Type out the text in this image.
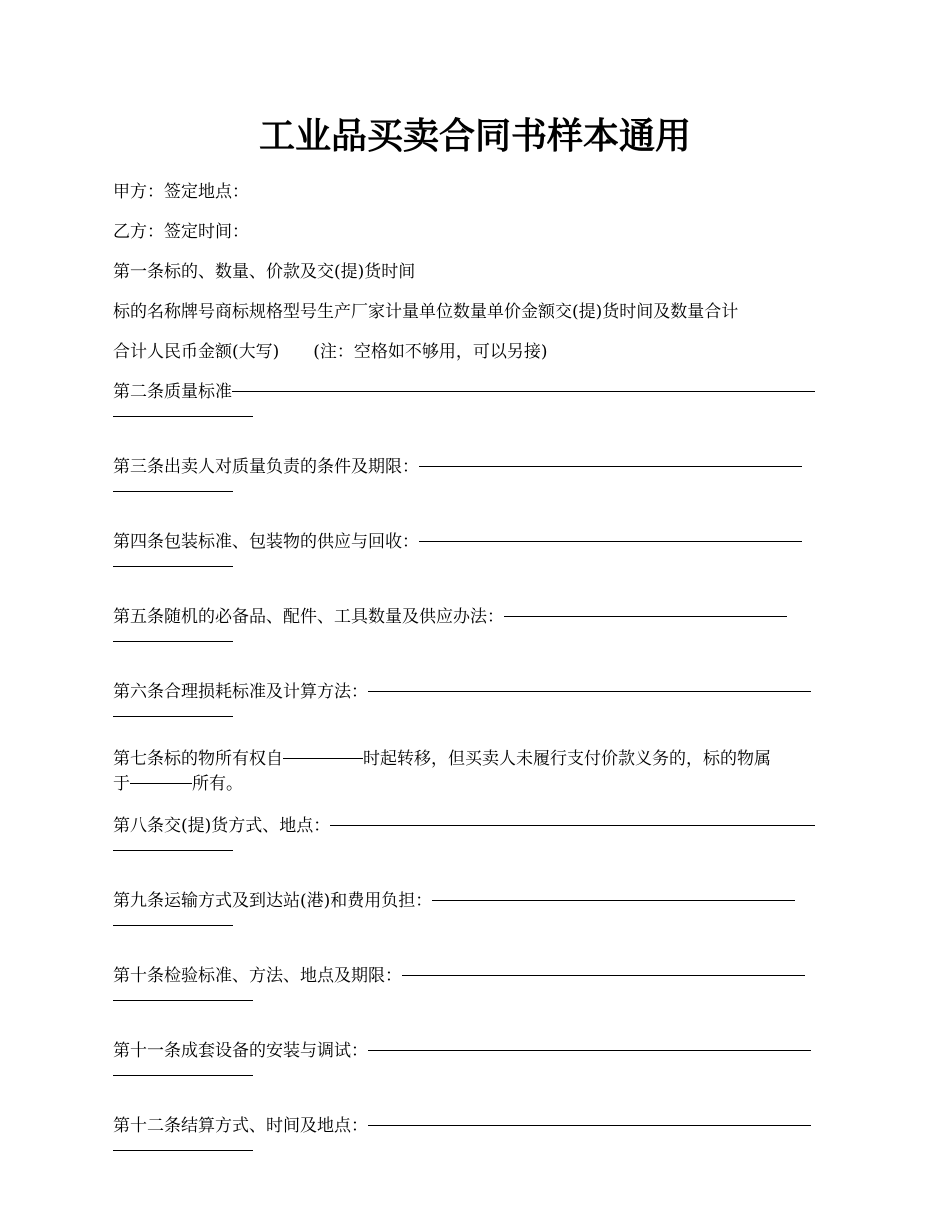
工业品买卖合同书样本通用

甲方：签定地点：

乙方：签定时间：

第一条标的、数量、价款及交(提)货时间

标的名称牌号商标规格型号生产厂家计量单位数量单价金额交(提)货时间及数量合计

合计人民币金额(大写)　　(注：空格如不够用，可以另接)

第二条质量标准
第三条出卖人对质量负责的条件及期限：
第四条包装标准、包装物的供应与回收：
第五条随机的必备品、配件、工具数量及供应办法：
第六条合理损耗标准及计算方法：
第七条标的物所有权自	时起转移，但买卖人未履行支付价款义务的，标的物属
于	所有。
第八条交(提)货方式、地点：
第九条运输方式及到达站(港)和费用负担：
第十条检验标准、方法、地点及期限：
第十一条成套设备的安装与调试：
第十二条结算方式、时间及地点：
